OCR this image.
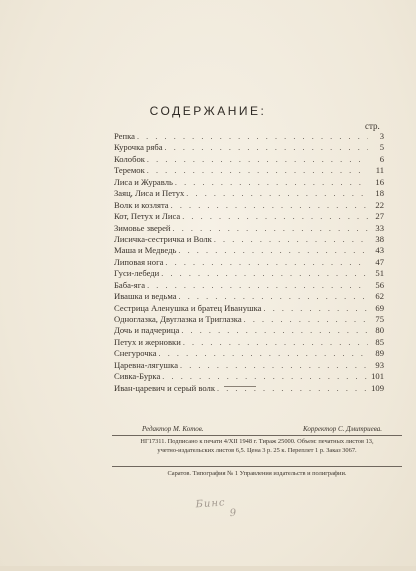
СОДЕРЖАНИЕ:
стр.
Репка . . .	3
Курочка ряба . . .	5
Колобок . . .	6
Теремок . . .	11
Лиса и Журавль . . .	16
Заяц, Лиса и Петух . . .	18
Волк и козлята . . .	22
Кот, Петух и Лиса . . .	27
Зимовье зверей . . .	33
Лисичка-сестричка и Волк . . .	38
Маша и Медведь . . .	43
Липовая нога . . .	47
Гуси-лебеди . . .	51
Баба-яга . . .	56
Ивашка и ведьма . . .	62
Сестрица Аленушка и братец Иванушка . . .	69
Одноглазка, Двуглазка и Триглазка . . .	75
Дочь и падчерица . . .	80
Петух и жерновки . . .	85
Снегурочка . . .	89
Царевна-лягушка . . .	93
Сивка-Бурка . . .	101
Иван-царевич и серый волк . . .	109
Редактор М. Котов.	Корректор С. Дмитриева.
НГ17311. Подписано к печати 4/XII 1948 г. Тираж 25000. Объем: печатных листов 13,
учетно-издательских листов 6,5. Цена 3 р. 25 к. Переплет 1 р. Заказ 3067.
Саратов. Типография № 1 Управления издательств и полиграфии.
Бинс
9
